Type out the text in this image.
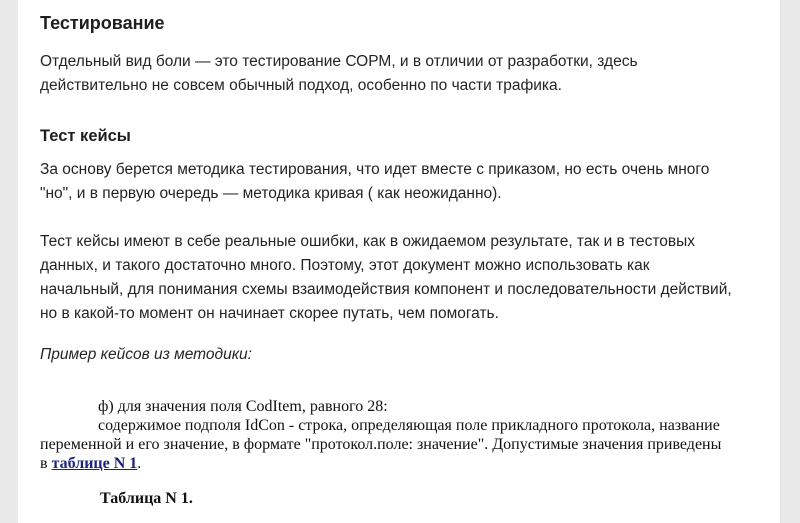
Тестирование
Отдельный вид боли — это тестирование СОРМ, и в отличии от разработки, здесь
действительно не совсем обычный подход, особенно по части трафика.
Тест кейсы
За основу берется методика тестирования, что идет вместе с приказом, но есть очень много
"но", и в первую очередь — методика кривая ( как неожиданно).
Тест кейсы имеют в себе реальные ошибки, как в ожидаемом результате, так и в тестовых
данных, и такого достаточно много. Поэтому, этот документ можно использовать как
начальный, для понимания схемы взаимодействия компонент и последовательности действий,
но в какой-то момент он начинает скорее путать, чем помогать.

Пример кейсов из методики:

ф) для значения поля CodItem, равного 28:
содержимое подполя IdCon - строка, определяющая поле прикладного протокола, название
переменной и его значение, в формате "протокол.поле: значение". Допустимые значения приведены
в таблице N 1.
Таблица N 1.
